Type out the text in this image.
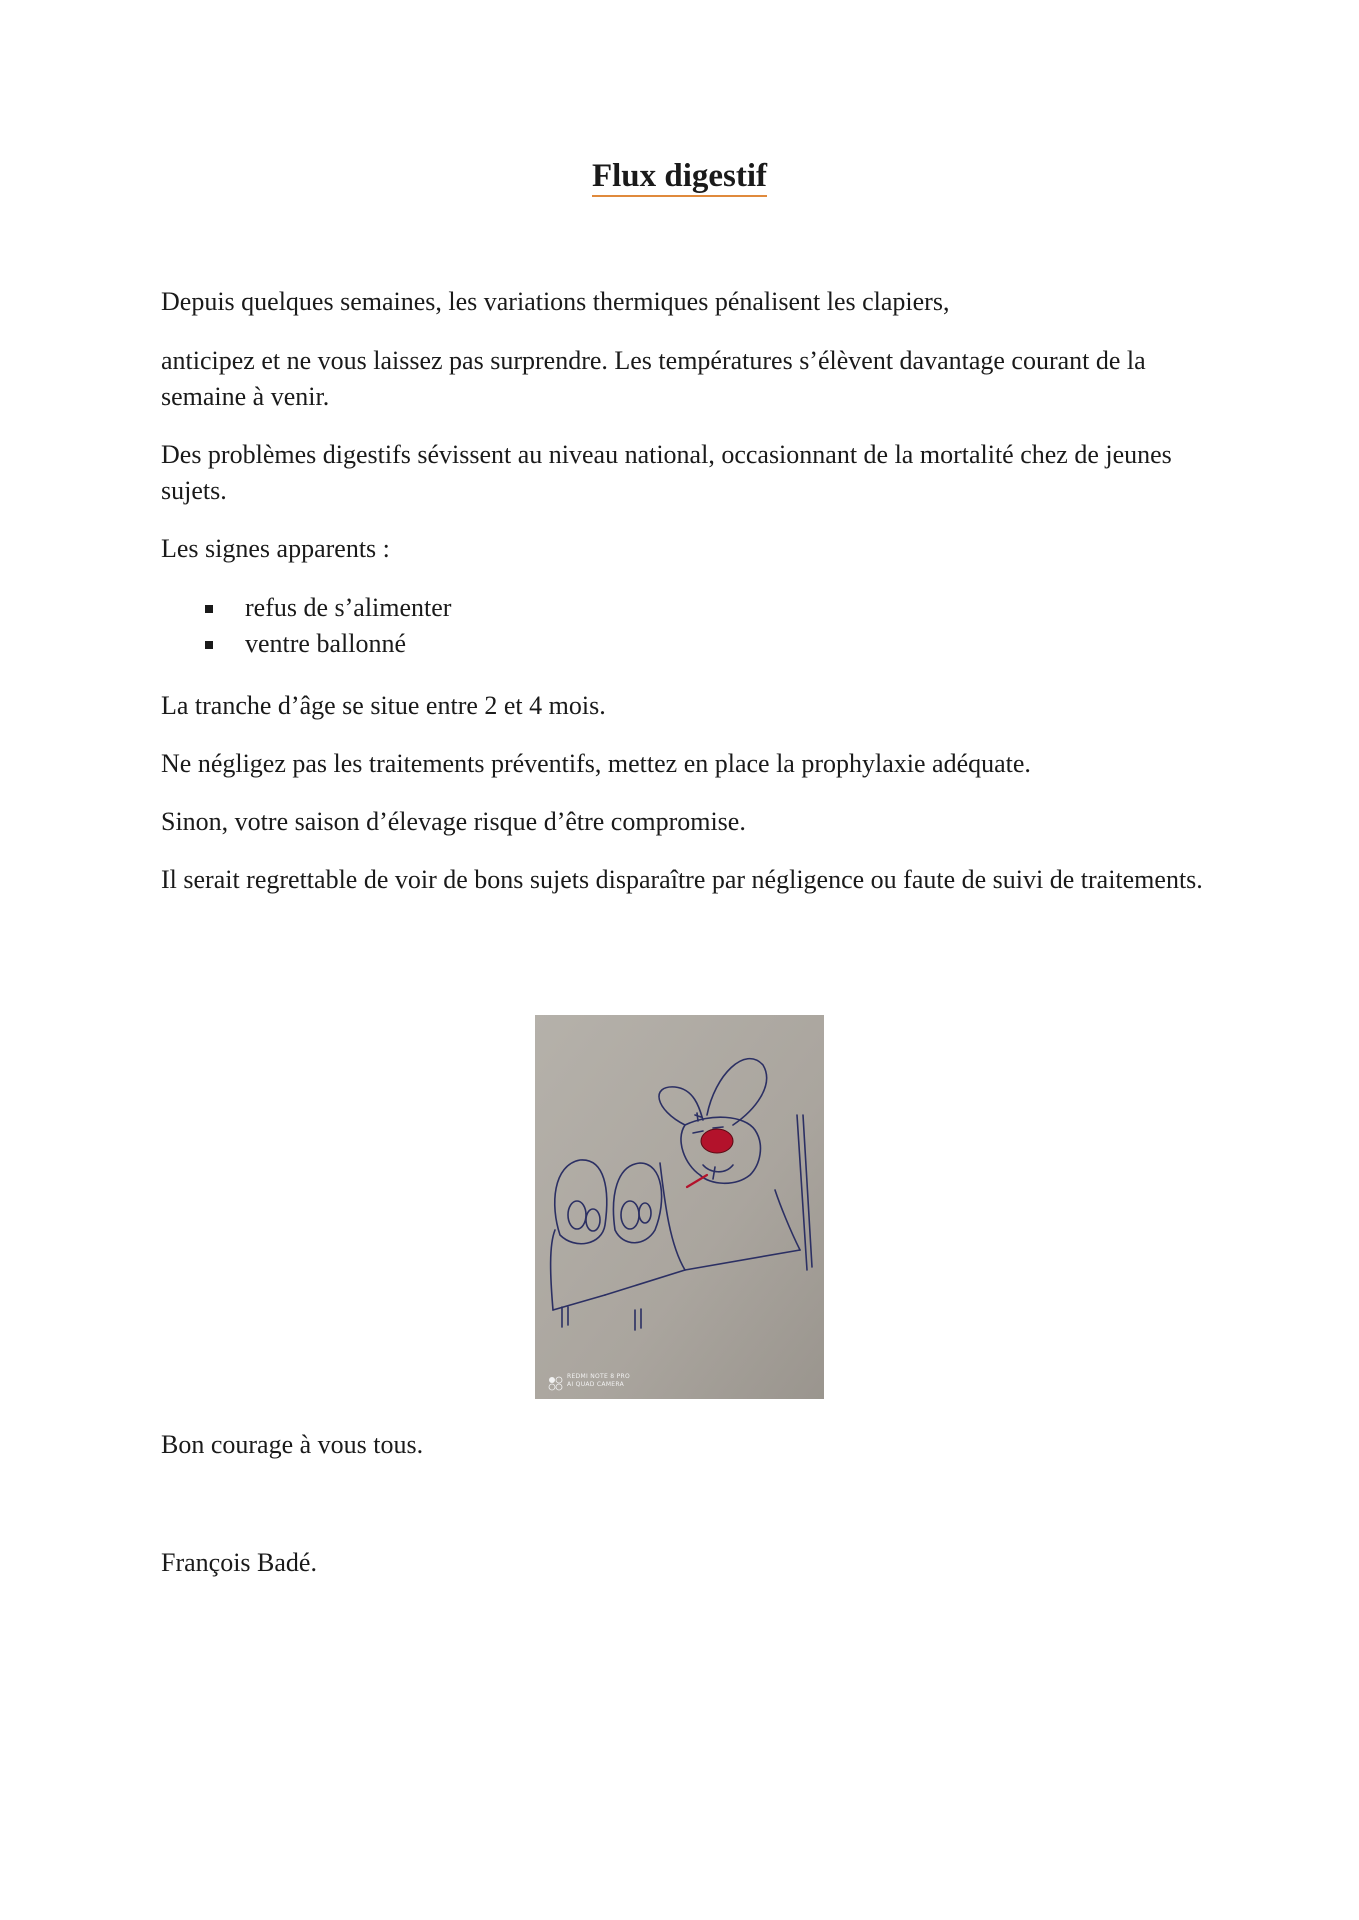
Flux digestif

Depuis quelques semaines, les variations thermiques pénalisent les clapiers,

anticipez et ne vous laissez pas surprendre. Les températures s’élèvent davantage courant de la semaine à venir.

Des problèmes digestifs sévissent au niveau national, occasionnant de la mortalité chez de jeunes sujets.

Les signes apparents :

refus de s’alimenter
ventre ballonné

La tranche d’âge se situe entre 2 et 4 mois.

Ne négligez pas les traitements préventifs, mettez en place la prophylaxie adéquate.

Sinon, votre saison d’élevage risque d’être compromise.

Il serait regrettable de voir de bons sujets disparaître par négligence ou faute de suivi de traitements.

REDMI NOTE 8 PRO
AI QUAD CAMERA

Bon courage à vous tous.

François Badé.
